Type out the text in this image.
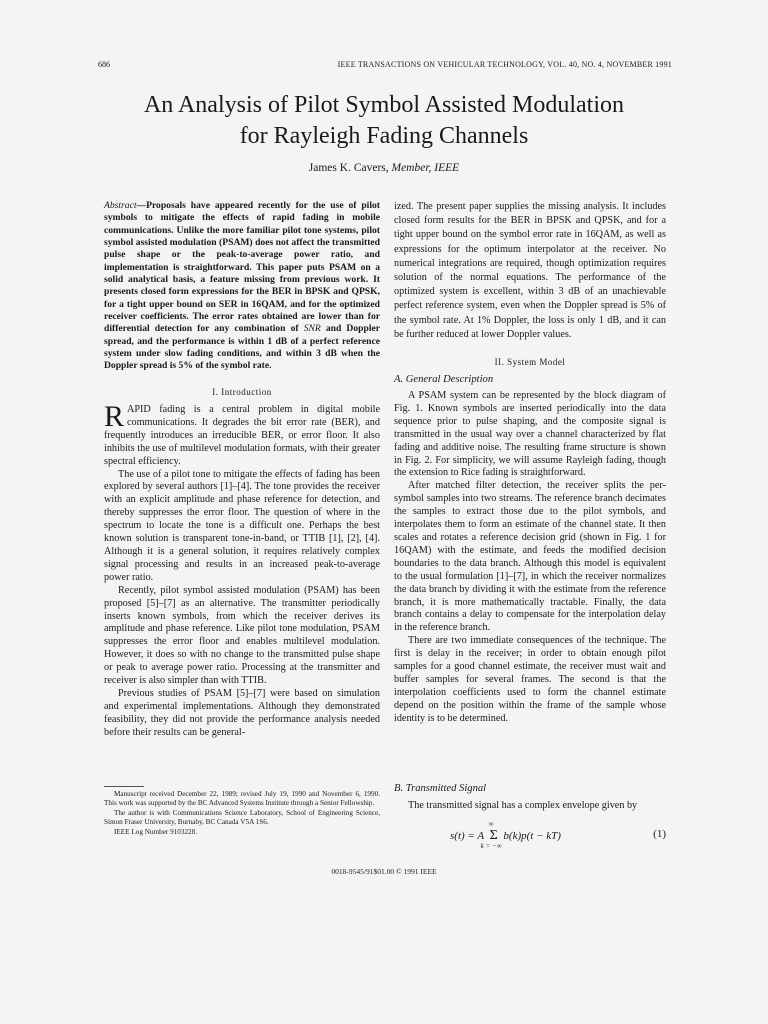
686	IEEE TRANSACTIONS ON VEHICULAR TECHNOLOGY, VOL. 40, NO. 4, NOVEMBER 1991
An Analysis of Pilot Symbol Assisted Modulation
for Rayleigh Fading Channels
James K. Cavers, Member, IEEE
Abstract—Proposals have appeared recently for the use of pilot symbols to mitigate the effects of rapid fading in mobile communications. Unlike the more familiar pilot tone systems, pilot symbol assisted modulation (PSAM) does not affect the transmitted pulse shape or the peak-to-average power ratio, and implementation is straightforward. This paper puts PSAM on a solid analytical basis, a feature missing from previous work. It presents closed form expressions for the BER in BPSK and QPSK, for a tight upper bound on SER in 16QAM, and for the optimized receiver coefficients. The error rates obtained are lower than for differential detection for any combination of SNR and Doppler spread, and the performance is within 1 dB of a perfect reference system under slow fading conditions, and within 3 dB when the Doppler spread is 5% of the symbol rate.
ized. The present paper supplies the missing analysis. It includes closed form results for the BER in BPSK and QPSK, and for a tight upper bound on the symbol error rate in 16QAM, as well as expressions for the optimum interpolator at the receiver. No numerical integrations are required, though optimization requires solution of the normal equations. The performance of the optimized system is excellent, within 3 dB of an unachievable perfect reference system, even when the Doppler spread is 5% of the symbol rate. At 1% Doppler, the loss is only 1 dB, and it can be further reduced at lower Doppler values.
I. Introduction

RAPID fading is a central problem in digital mobile communications. It degrades the bit error rate (BER), and frequently introduces an irreducible BER, or error floor. It also inhibits the use of multilevel modulation formats, with their greater spectral efficiency.

The use of a pilot tone to mitigate the effects of fading has been explored by several authors [1]–[4]. The tone provides the receiver with an explicit amplitude and phase reference for detection, and thereby suppresses the error floor. The question of where in the spectrum to locate the tone is a difficult one. Perhaps the best known solution is transparent tone-in-band, or TTIB [1], [2], [4]. Although it is a general solution, it requires relatively complex signal processing and results in an increased peak-to-average power ratio.

Recently, pilot symbol assisted modulation (PSAM) has been proposed [5]–[7] as an alternative. The transmitter periodically inserts known symbols, from which the receiver derives its amplitude and phase reference. Like pilot tone modulation, PSAM suppresses the error floor and enables multilevel modulation. However, it does so with no change to the transmitted pulse shape or peak to average power ratio. Processing at the transmitter and receiver is also simpler than with TTIB.

Previous studies of PSAM [5]–[7] were based on simulation and experimental implementations. Although they demonstrated feasibility, they did not provide the performance analysis needed before their results can be general-

Manuscript received December 22, 1989; revised July 19, 1990 and November 6, 1990. This work was supported by the BC Advanced Systems Institute through a Senior Fellowship.

The author is with Communications Science Laboratory, School of Engineering Science, Simon Fraser University, Burnaby, BC Canada V5A 1S6.

IEEE Log Number 9103228.

II. System Model
A. General Description

A PSAM system can be represented by the block diagram of Fig. 1. Known symbols are inserted periodically into the data sequence prior to pulse shaping, and the composite signal is transmitted in the usual way over a channel characterized by flat fading and additive noise. The resulting frame structure is shown in Fig. 2. For simplicity, we will assume Rayleigh fading, though the extension to Rice fading is straightforward.

After matched filter detection, the receiver splits the per-symbol samples into two streams. The reference branch decimates the samples to extract those due to the pilot symbols, and interpolates them to form an estimate of the channel state. It then scales and rotates a reference decision grid (shown in Fig. 1 for 16QAM) with the estimate, and feeds the modified decision boundaries to the data branch. Although this model is equivalent to the usual formulation [1]–[7], in which the receiver normalizes the data branch by dividing it with the estimate from the reference branch, it is more mathematically tractable. Finally, the data branch contains a delay to compensate for the interpolation delay in the reference branch.

There are two immediate consequences of the technique. The first is delay in the receiver; in order to obtain enough pilot samples for a good channel estimate, the receiver must wait and buffer samples for several frames. The second is that the interpolation coefficients used to form the channel estimate depend on the position within the frame of the sample whose identity is to be determined.

B. Transmitted Signal

The transmitted signal has a complex envelope given by

s(t) = A
∞
Σ
k = −∞
b(k)p(t − kT)	(1)
0018-9545/91$01.00 © 1991 IEEE
